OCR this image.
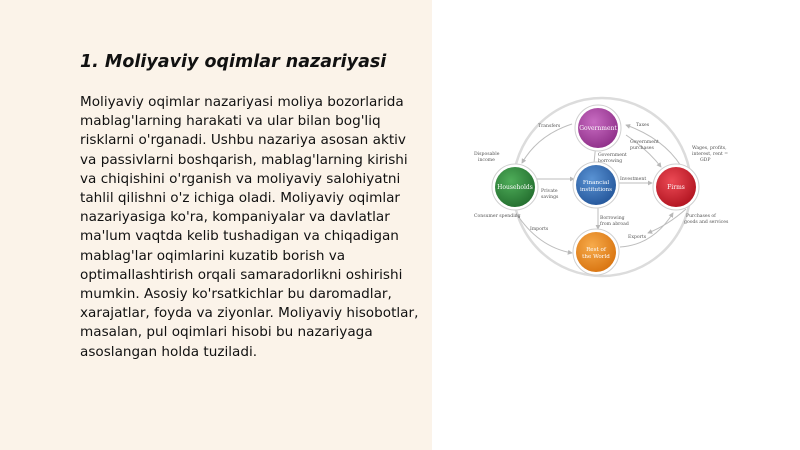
1. Moliyaviy oqimlar nazariyasi

Moliyaviy oqimlar nazariyasi moliya bozorlarida mablag'larning harakati va ular bilan bog'liq risklarni o'rganadi. Ushbu nazariya asosan aktiv va passivlarni boshqarish, mablag'larning kirishi va chiqishini o'rganish va moliyaviy salohiyatni tahlil qilishni o'z ichiga oladi. Moliyaviy oqimlar nazariyasiga ko'ra, kompaniyalar va davlatlar ma'lum vaqtda kelib tushadigan va chiqadigan mablag'lar oqimlarini kuzatib borish va optimallashtirish orqali samaradorlikni oshirishi mumkin. Asosiy ko'rsatkichlar bu daromadlar, xarajatlar, foyda va ziyonlar. Moliyaviy hisobotlar, masalan, pul oqimlari hisobi bu nazariyaga asoslangan holda tuziladi.

Government
Households
Financial
institutions	Firms
Rest of
the World
Transfers	Taxes
Government
purchases
Disposable
income
Government
borrowing
Private
savings
Investment
Wages, profits,
interest, rent =
GDP
Consumer spending
Imports
Borrowing
from abroad
Exports
Purchases of
goods and services
